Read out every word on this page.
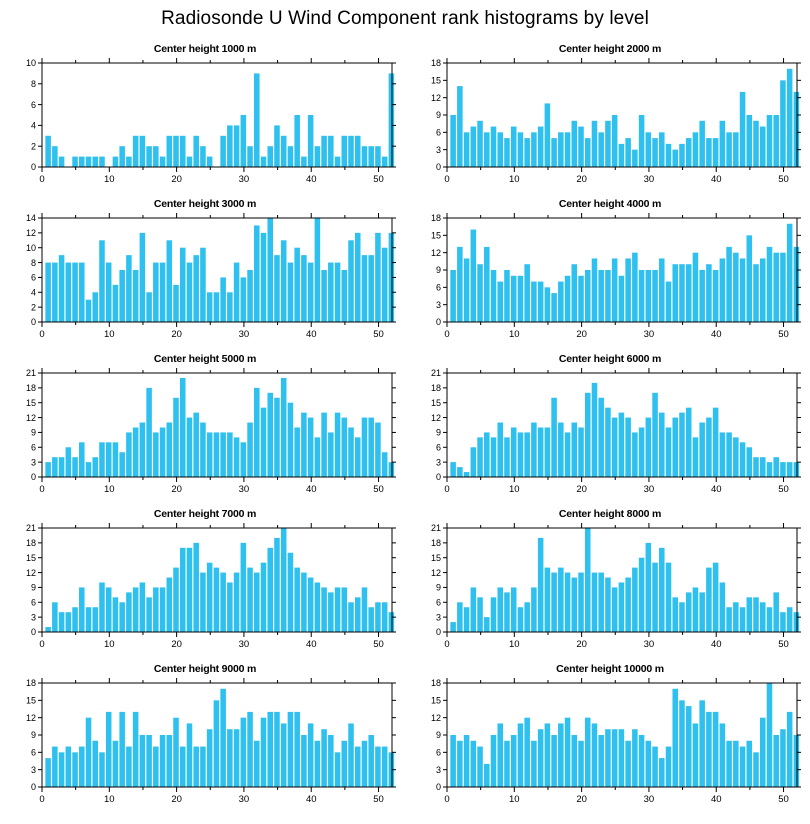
Radiosonde U Wind Component rank histograms by level
Center height 1000 m
0
2
4
6
8
10
0	10	20	30	40	50
Center height 2000 m
0
3
6
9
12
15
18
0	10	20	30	40	50
Center height 3000 m
0
2
4
6
8
10
12
14
0	10	20	30	40	50
Center height 4000 m
0
3
6
9
12
15
18
0	10	20	30	40	50
Center height 5000 m
0
3
6
9
12
15
18
21
0	10	20	30	40	50
Center height 6000 m
0
3
6
9
12
15
18
21
0	10	20	30	40	50
Center height 7000 m
0
3
6
9
12
15
18
21
0	10	20	30	40	50
Center height 8000 m
0
3
6
9
12
15
18
21
0	10	20	30	40	50
Center height 9000 m
0
3
6
9
12
15
18
0	10	20	30	40	50
Center height 10000 m
0
3
6
9
12
15
18
0	10	20	30	40	50
